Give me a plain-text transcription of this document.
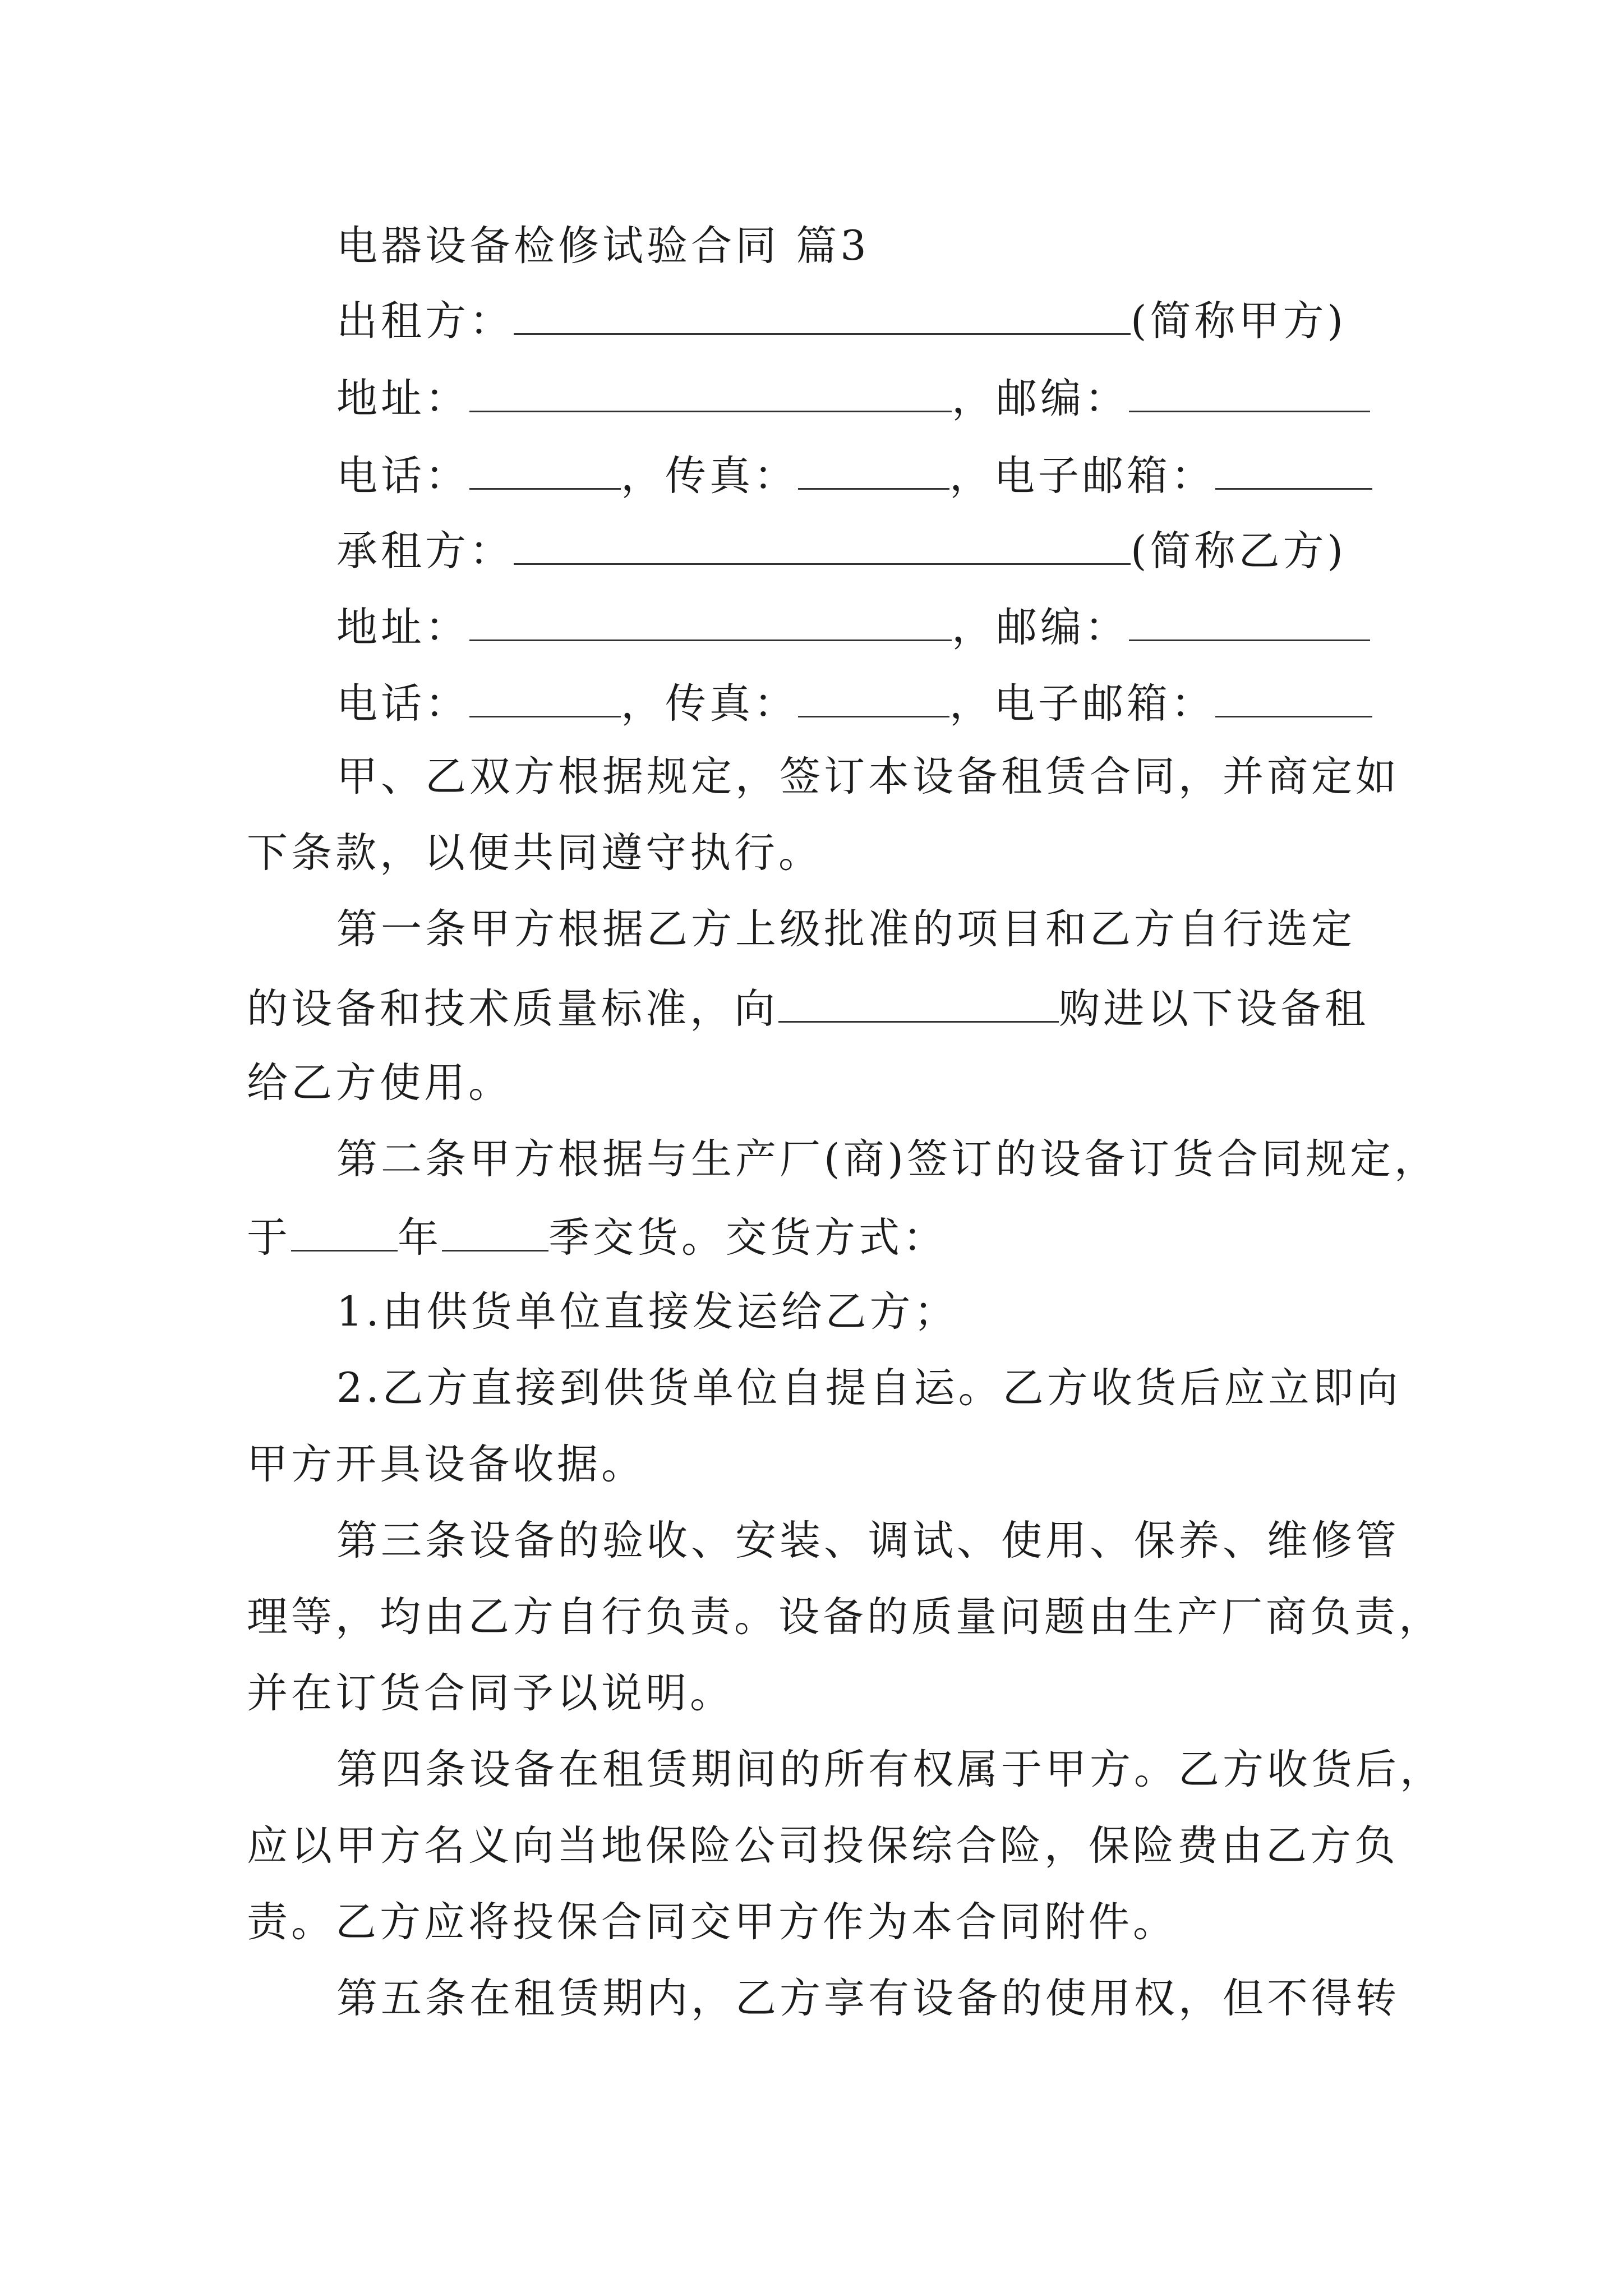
电器设备检修试验合同 篇3
出租方：	(简称甲方)
地址：	，邮编：
电话：	，传真：	，电子邮箱：
承租方：	(简称乙方)
地址：	，邮编：
电话：	，传真：	，电子邮箱：
甲、乙双方根据规定，签订本设备租赁合同，并商定如
下条款，以便共同遵守执行。
第一条甲方根据乙方上级批准的项目和乙方自行选定
的设备和技术质量标准，向	购进以下设备租
给乙方使用。
第二条甲方根据与生产厂(商)签订的设备订货合同规定，
于	年	季交货。交货方式：
1.由供货单位直接发运给乙方；
2.乙方直接到供货单位自提自运。乙方收货后应立即向
甲方开具设备收据。
第三条设备的验收、安装、调试、使用、保养、维修管
理等，均由乙方自行负责。设备的质量问题由生产厂商负责，
并在订货合同予以说明。
第四条设备在租赁期间的所有权属于甲方。乙方收货后，
应以甲方名义向当地保险公司投保综合险，保险费由乙方负
责。乙方应将投保合同交甲方作为本合同附件。
第五条在租赁期内，乙方享有设备的使用权，但不得转
